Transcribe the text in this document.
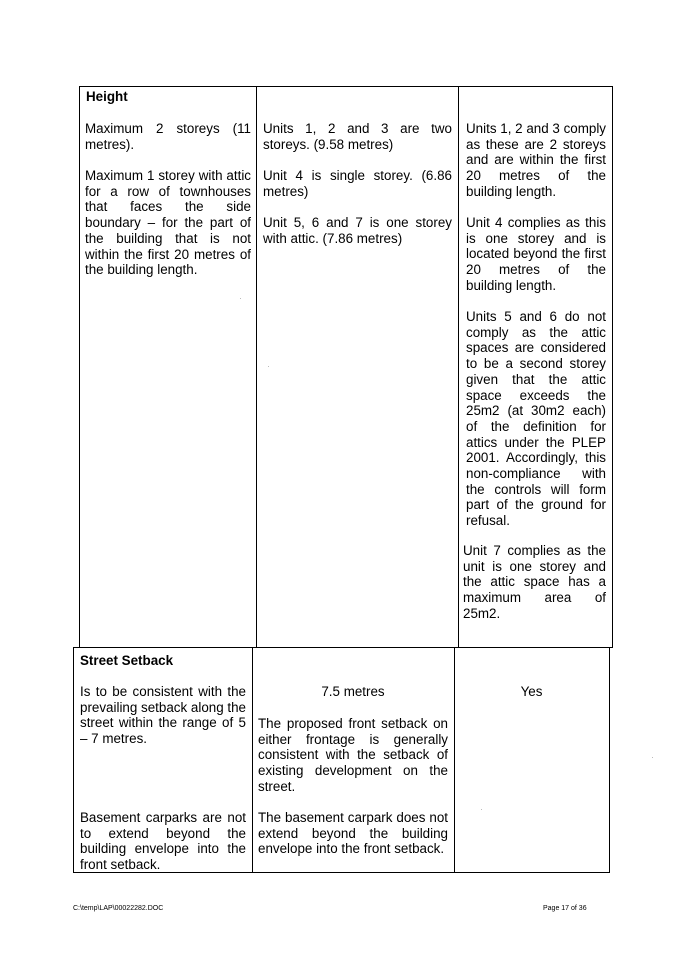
Height

Maximum 2 storeys (11 metres).

Maximum 1 storey with attic for a row of townhouses that faces the side boundary – for the part of the building that is not within the first 20 metres of the building length.

Units 1, 2 and 3 are two storeys. (9.58 metres)

Unit 4 is single storey. (6.86 metres)

Unit 5, 6 and 7 is one storey with attic. (7.86 metres)

Units 1, 2 and 3 comply as these are 2 storeys and are within the first 20 metres of the building length.

Unit 4 complies as this is one storey and is located beyond the first 20 metres of the building length.

Units 5 and 6 do not comply as the attic spaces are considered to be a second storey given that the attic space exceeds the 25m2 (at 30m2 each) of the definition for attics under the PLEP 2001. Accordingly, this non-compliance with the controls will form part of the ground for refusal.

Unit 7 complies as the unit is one storey and the attic space has a maximum area of 25m2.

Street Setback

Is to be consistent with the prevailing setback along the street within the range of 5 – 7 metres.

Basement carparks are not to extend beyond the building envelope into the front setback.

7.5 metres

The proposed front setback on either frontage is generally consistent with the setback of existing development on the street.

The basement carpark does not extend beyond the building envelope into the front setback.

Yes

C:\temp\LAP\00022282.DOC	Page 17 of 36
